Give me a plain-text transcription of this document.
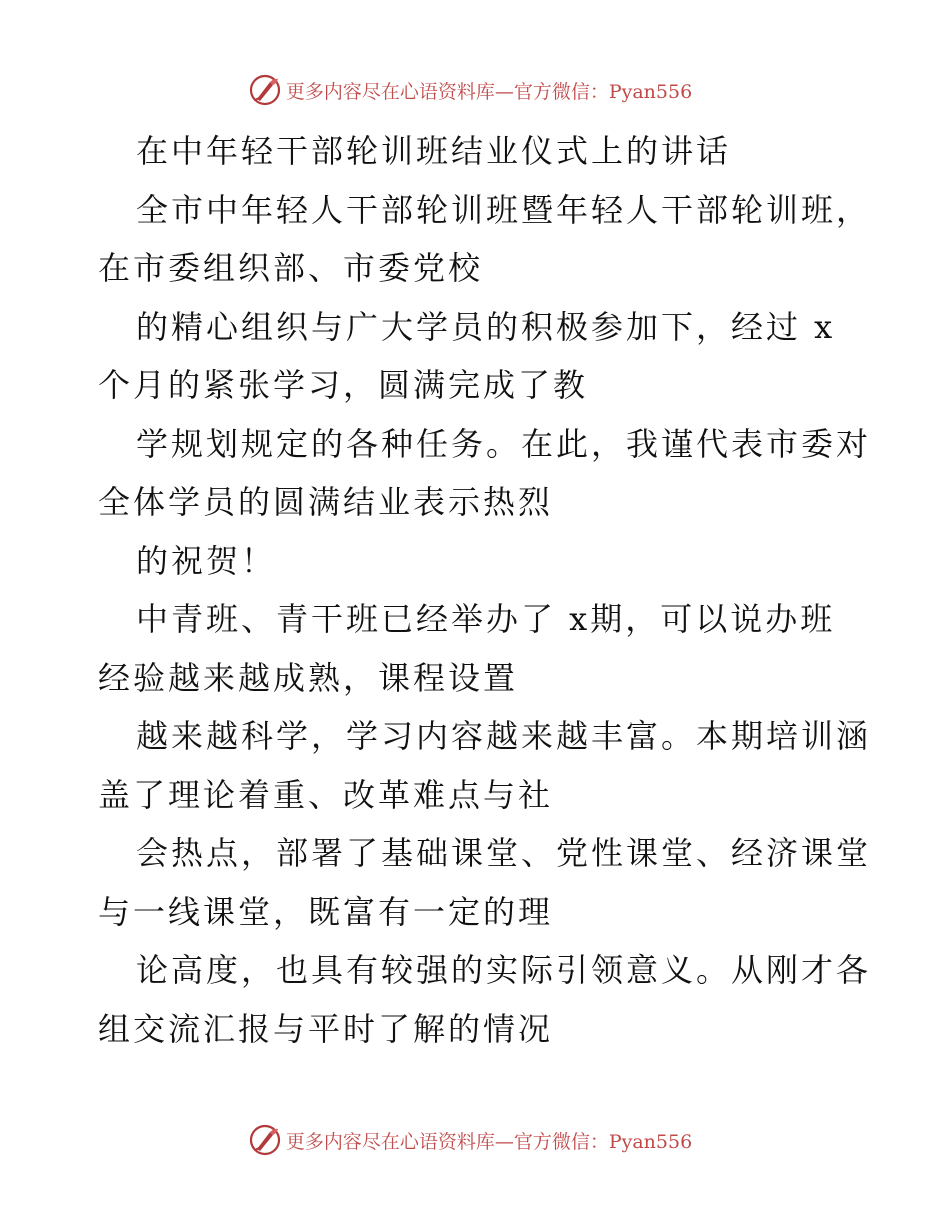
更多内容尽在心语资料库—官方微信：Pyan556
在中年轻干部轮训班结业仪式上的讲话
全市中年轻人干部轮训班暨年轻人干部轮训班，
在市委组织部、市委党校
的精心组织与广大学员的积极参加下，经过 x
个月的紧张学习，圆满完成了教
学规划规定的各种任务。在此，我谨代表市委对
全体学员的圆满结业表示热烈
的祝贺！
中青班、青干班已经举办了 x期，可以说办班
经验越来越成熟，课程设置
越来越科学，学习内容越来越丰富。本期培训涵
盖了理论着重、改革难点与社
会热点，部署了基础课堂、党性课堂、经济课堂
与一线课堂，既富有一定的理
论高度，也具有较强的实际引领意义。从刚才各
组交流汇报与平时了解的情况
更多内容尽在心语资料库—官方微信：Pyan556
